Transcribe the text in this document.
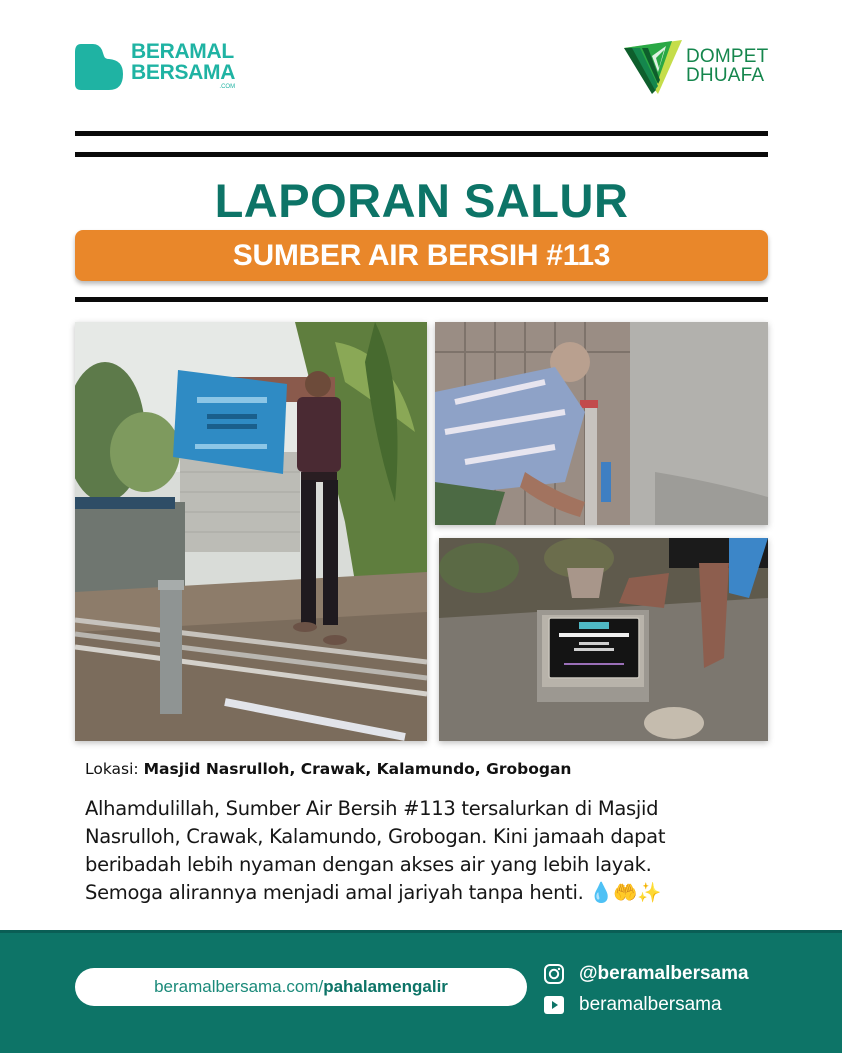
BERAMAL
BERSAMA
.COM
DOMPET
DHUAFA
LAPORAN SALUR
SUMBER AIR BERSIH #113
Lokasi: Masjid Nasrulloh, Crawak, Kalamundo, Grobogan
Alhamdulillah, Sumber Air Bersih #113 tersalurkan di Masjid
Nasrulloh, Crawak, Kalamundo, Grobogan. Kini jamaah dapat
beribadah lebih nyaman dengan akses air yang lebih layak.
Semoga alirannya menjadi amal jariyah tanpa henti. 💧🤲✨
beramalbersama.com/ pahalamengalir
@beramalbersama
beramalbersama
